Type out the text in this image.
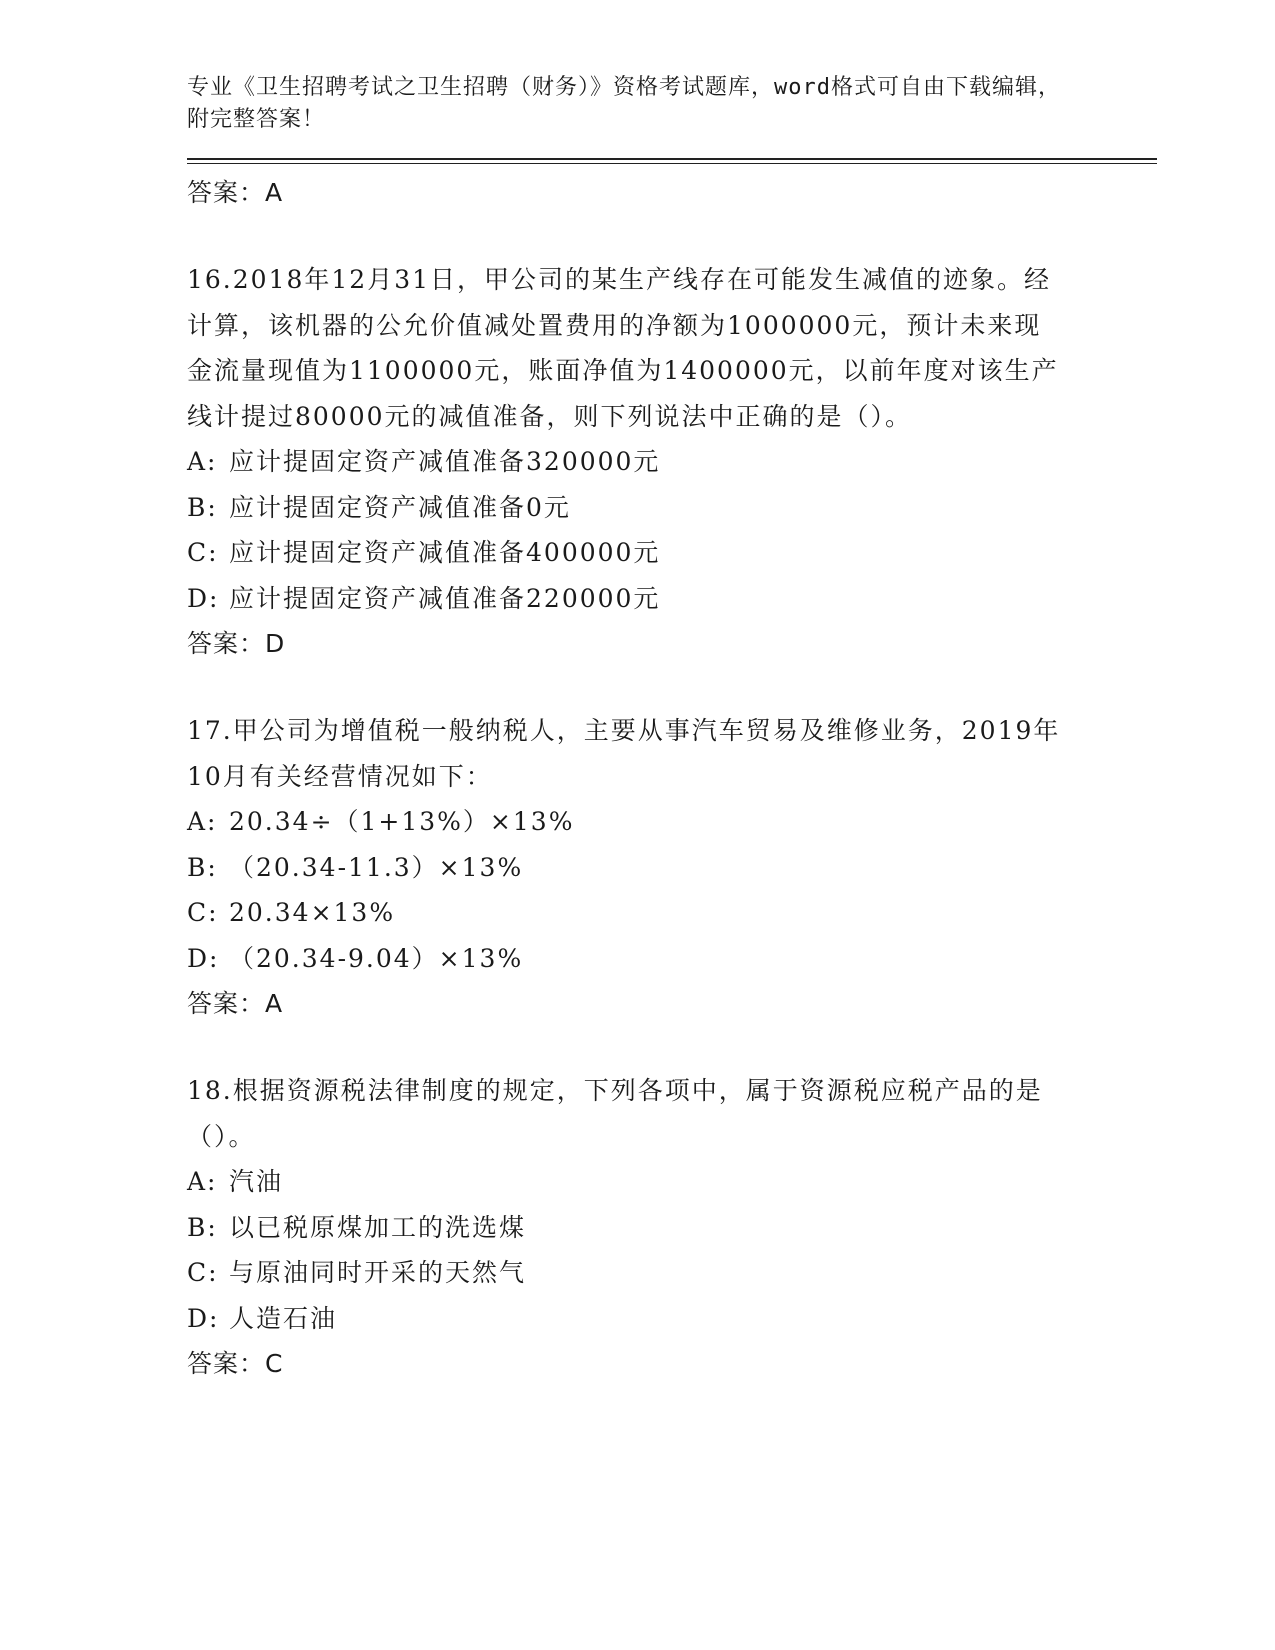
专业《卫生招聘考试之卫生招聘（财务）》资格考试题库，word格式可自由下载编辑，附完整答案！

答案：A

16.2018年12月31日，甲公司的某生产线存在可能发生减值的迹象。经计算，该机器的公允价值减处置费用的净额为1000000元，预计未来现金流量现值为1100000元，账面净值为1400000元，以前年度对该生产线计提过80000元的减值准备，则下列说法中正确的是（）。

A: 应计提固定资产减值准备320000元

B: 应计提固定资产减值准备0元

C: 应计提固定资产减值准备400000元

D: 应计提固定资产减值准备220000元

答案：D

17.甲公司为增值税一般纳税人，主要从事汽车贸易及维修业务，2019年10月有关经营情况如下：

A: 20.34÷（1+13%）×13%

B: （20.34-11.3）×13%

C: 20.34×13%

D: （20.34-9.04）×13%

答案：A

18.根据资源税法律制度的规定，下列各项中，属于资源税应税产品的是（）。

A: 汽油

B: 以已税原煤加工的洗选煤

C: 与原油同时开采的天然气

D: 人造石油

答案：C
